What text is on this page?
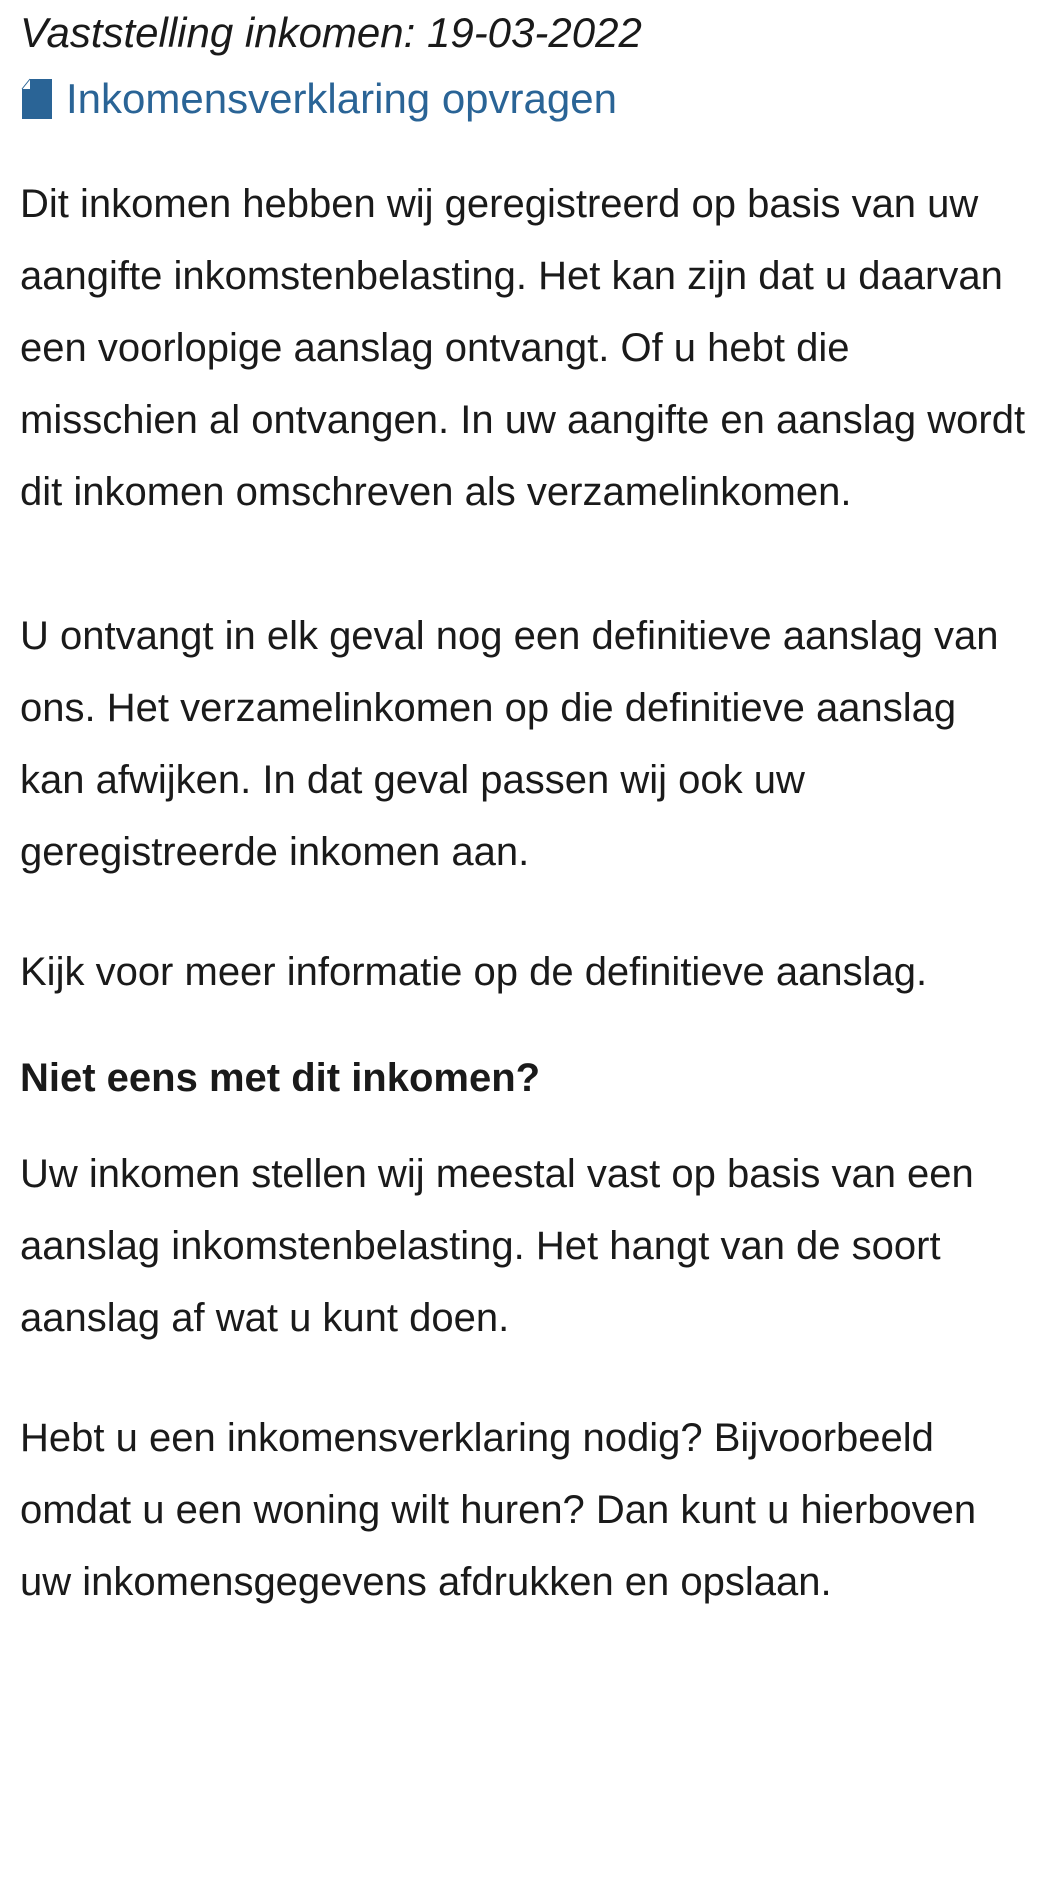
Vaststelling inkomen: 19-03-2022
Inkomensverklaring opvragen

Dit inkomen hebben wij geregistreerd op basis van uw aangifte inkomstenbelasting. Het kan zijn dat u daarvan een voorlopige aanslag ontvangt. Of u hebt die misschien al ontvangen. In uw aangifte en aanslag wordt dit inkomen omschreven als verzamelinkomen.

U ontvangt in elk geval nog een definitieve aanslag van ons. Het verzamelinkomen op die definitieve aanslag kan afwijken. In dat geval passen wij ook uw geregistreerde inkomen aan.

Kijk voor meer informatie op de definitieve aanslag.

Niet eens met dit inkomen?

Uw inkomen stellen wij meestal vast op basis van een aanslag inkomstenbelasting. Het hangt van de soort aanslag af wat u kunt doen.

Hebt u een inkomensverklaring nodig? Bijvoorbeeld omdat u een woning wilt huren? Dan kunt u hierboven uw inkomensgegevens afdrukken en opslaan.
